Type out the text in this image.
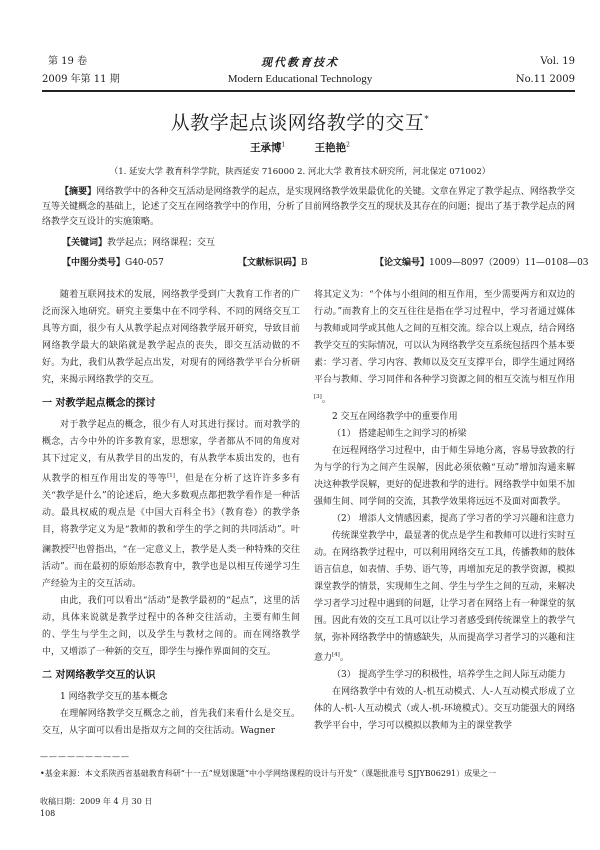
第 19 卷
2009 年第 11 期
现代教育技术
Modern Educational Technology
Vol. 19
No.11 2009
从教学起点谈网络教学的交互*
王承博$^1$	王艳艳$^2$
（1. 延安大学 教育科学学院，陕西延安 716000 2. 河北大学 教育技术研究所，河北保定 071002）
【摘要】网络教学中的各种交互活动是网络教学的起点，是实现网络教学效果最优化的关键。文章在界定了教学起点、网络教学交互等关键概念的基础上，论述了交互在网络教学中的作用，分析了目前网络教学交互的现状及其存在的问题；提出了基于教学起点的网络教学交互设计的实施策略。
【关键词】教学起点；网络课程；交互
【中图分类号】G40-057	【文献标识码】B	【论文编号】1009—8097（2009）11—0108—03

随着互联网技术的发展，网络教学受到广大教育工作者的广泛而深入地研究。研究主要集中在不同学科、不同的网络交互工具等方面，很少有人从教学起点对网络教学展开研究，导致目前网络教学最大的缺陷就是教学起点的丧失，即交互活动做的不好。为此，我们从教学起点出发，对现有的网络教学平台分析研究，来揭示网络教学的交互。

一 对教学起点概念的探讨

对于教学起点的概念，很少有人对其进行探讨。而对教学的概念，古今中外的许多教育家，思想家，学者都从不同的角度对其下过定义，有从教学目的出发的，有从教学本质出发的，也有从教学的相互作用出发的等等[1]，但是在分析了这许许多多有关“教学是什么”的论述后，绝大多数观点都把教学看作是一种活动。最具权威的观点是《中国大百科全书》（教育卷）的教学条目，将教学定义为是“教师的教和学生的学之间的共同活动”。叶澜教授[2]也曾指出，“在一定意义上，教学是人类一种特殊的交往活动”。而在最初的原始形态教育中，教学也是以相互传递学习生产经验为主的交互活动。

由此，我们可以看出“活动”是教学最初的“起点”，这里的活动，具体来说就是教学过程中的各种交往活动，主要有师生间的、学生与学生之间，以及学生与教材之间的。而在网络教学中，又增添了一种新的交互，即学生与操作界面间的交互。

二 对网络教学交互的认识

1 网络教学交互的基本概念

在理解网络教学交互概念之前，首先我们来看什么是交互。交互，从字面可以看出是指双方之间的交往活动。Wagner

将其定义为：“个体与小组间的相互作用，至少需要两方和双边的行动。”而教育上的交互往往是指在学习过程中，学习者通过媒体与教师或同学或其他人之间的互相交流。综合以上观点，结合网络教学交互的实际情况，可以认为网络教学交互系统包括四个基本要素：学习者、学习内容、教师以及交互支撑平台，即学生通过网络平台与教师、学习同伴和各种学习资源之间的相互交流与相互作用[3]。

2 交互在网络教学中的重要作用

（1） 搭建起师生之间学习的桥梁

在远程网络学习过程中，由于师生异地分离，容易导致教的行为与学的行为之间产生误解，因此必须依赖“互动”增加沟通来解决这种教学误解，更好的促进教和学的进行。网络教学中如果不加强师生间、同学间的交流，其教学效果将远远不及面对面教学。

（2） 增添人文情感因素，提高了学习者的学习兴趣和注意力

传统课堂教学中，最显著的优点是学生和教师可以进行实时互动。在网络教学过程中，可以利用网络交互工具，传播教师的肢体语言信息，如表情、手势、语气等，再增加充足的教学资源，模拟课堂教学的情景，实现师生之间、学生与学生之间的互动，来解决学习者学习过程中遇到的问题，让学习者在网络上有一种课堂的氛围。因此有效的交互工具可以让学习者感受到传统课堂上的教学气氛，弥补网络教学中的情感缺失，从而提高学习者学习的兴趣和注意力[4]。

（3） 提高学生学习的积极性，培养学生之间人际互动能力

在网络教学中有效的人-机互动模式、人-人互动模式形成了立体的人-机-人互动模式（或人-机-环境模式）。交互功能强大的网络教学平台中，学习可以模拟以教师为主的课堂教学

——————————
•基金来源：本文系陕西省基础教育科研“十一五”规划课题“中小学网络课程的设计与开发”（课题批准号 SJJYB06291）成果之一
收稿日期：2009 年 4 月 30 日
108
